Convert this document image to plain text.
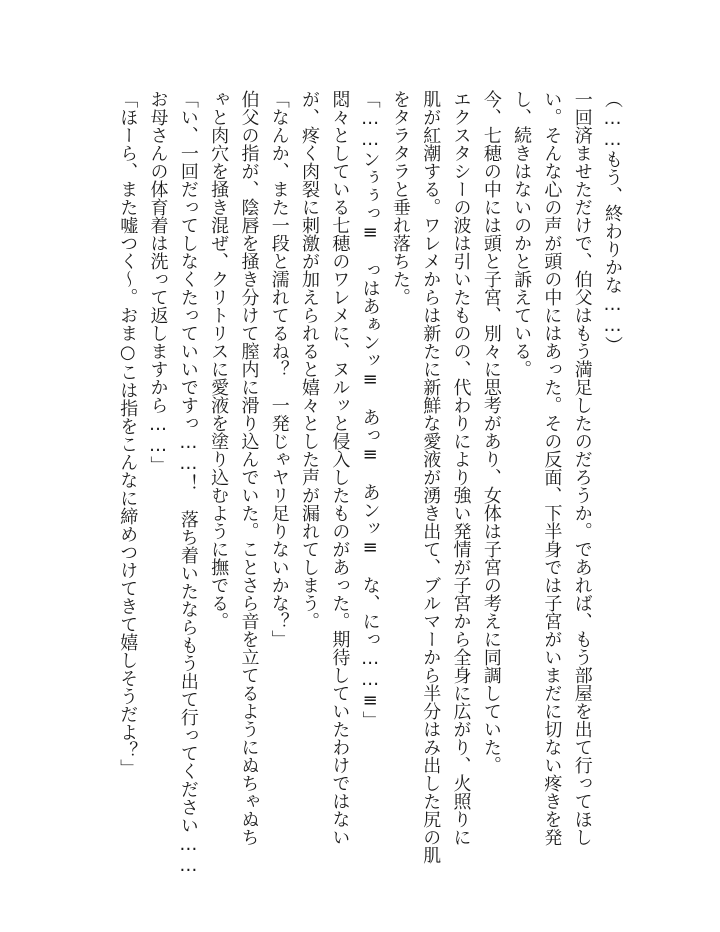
（……もう、終わりかな……）
一回済ませただけで、伯父はもう満足したのだろうか。であれば、もう部屋を出て行ってほし
い。そんな心の声が頭の中にはあった。その反面、下半身では子宮がいまだに切ない疼きを発
し、続きはないのかと訴えている。
今、七穂の中には頭と子宮、別々に思考があり、女体は子宮の考えに同調していた。
エクスタシーの波は引いたものの、代わりにより強い発情が子宮から全身に広がり、火照りに
肌が紅潮する。ワレメからは新たに新鮮な愛液が湧き出て、ブルマーから半分はみ出した尻の肌
をタラタラと垂れ落ちた。
「……ンぅぅっ≡　っはあぁンッ≡　あっ≡　あンッ≡　な、にっ……≡」
悶々としている七穂のワレメに、ヌルッと侵入したものがあった。期待していたわけではない
が、疼く肉裂に刺激が加えられると嬉々とした声が漏れてしまう。
「なんか、また一段と濡れてるね？　一発じゃヤリ足りないかな？」
伯父の指が、陰唇を掻き分けて膣内に滑り込んでいた。ことさら音を立てるようにぬちゃぬち
ゃと肉穴を掻き混ぜ、クリトリスに愛液を塗り込むように撫でる。
「い、一回だってしなくたっていいですっ……！　落ち着いたならもう出て行ってください……
お母さんの体育着は洗って返しますから……」
「ほーら、また嘘つく～。おま○こは指をこんなに締めつけてきて嬉しそうだよ？」
